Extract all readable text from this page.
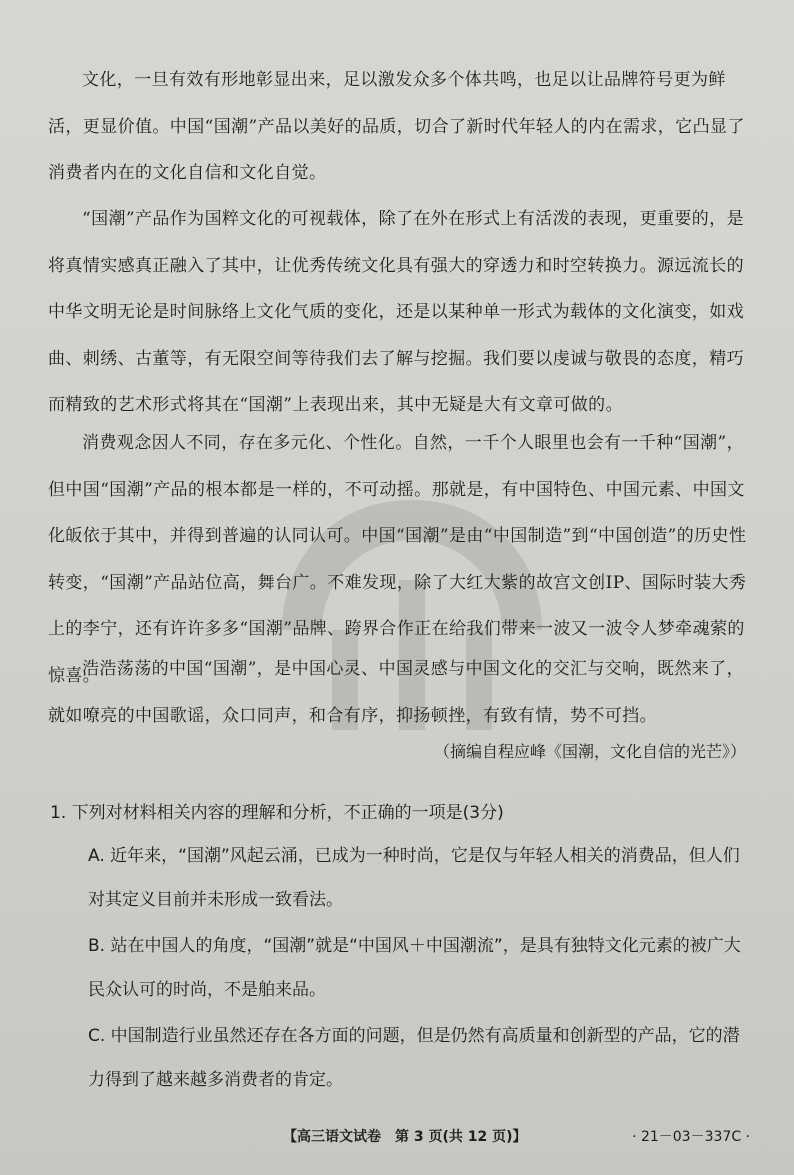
文化，一旦有效有形地彰显出来，足以激发众多个体共鸣，也足以让品牌符号更为鲜活，更显价值。中国“国潮”产品以美好的品质，切合了新时代年轻人的内在需求，它凸显了消费者内在的文化自信和文化自觉。

“国潮”产品作为国粹文化的可视载体，除了在外在形式上有活泼的表现，更重要的，是将真情实感真正融入了其中，让优秀传统文化具有强大的穿透力和时空转换力。源远流长的中华文明无论是时间脉络上文化气质的变化，还是以某种单一形式为载体的文化演变，如戏曲、刺绣、古董等，有无限空间等待我们去了解与挖掘。我们要以虔诚与敬畏的态度，精巧而精致的艺术形式将其在“国潮”上表现出来，其中无疑是大有文章可做的。

消费观念因人不同，存在多元化、个性化。自然，一千个人眼里也会有一千种“国潮”，但中国“国潮”产品的根本都是一样的，不可动摇。那就是，有中国特色、中国元素、中国文化皈依于其中，并得到普遍的认同认可。中国“国潮”是由“中国制造”到“中国创造”的历史性转变，“国潮”产品站位高，舞台广。不难发现，除了大红大紫的故宫文创IP、国际时装大秀上的李宁，还有许许多多“国潮”品牌、跨界合作正在给我们带来一波又一波令人梦牵魂萦的惊喜。

浩浩荡荡的中国“国潮”，是中国心灵、中国灵感与中国文化的交汇与交响，既然来了，就如嘹亮的中国歌谣，众口同声，和合有序，抑扬顿挫，有致有情，势不可挡。

（摘编自程应峰《国潮，文化自信的光芒》）
1. 下列对材料相关内容的理解和分析，不正确的一项是(3分)

A. 近年来，“国潮”风起云涌，已成为一种时尚，它是仅与年轻人相关的消费品，但人们对其定义目前并未形成一致看法。

B. 站在中国人的角度，“国潮”就是“中国风＋中国潮流”，是具有独特文化元素的被广大民众认可的时尚，不是舶来品。

C. 中国制造行业虽然还存在各方面的问题，但是仍然有高质量和创新型的产品，它的潜力得到了越来越多消费者的肯定。

【高三语文试卷　第 3 页(共 12 页)】	· 21－03－337C ·
